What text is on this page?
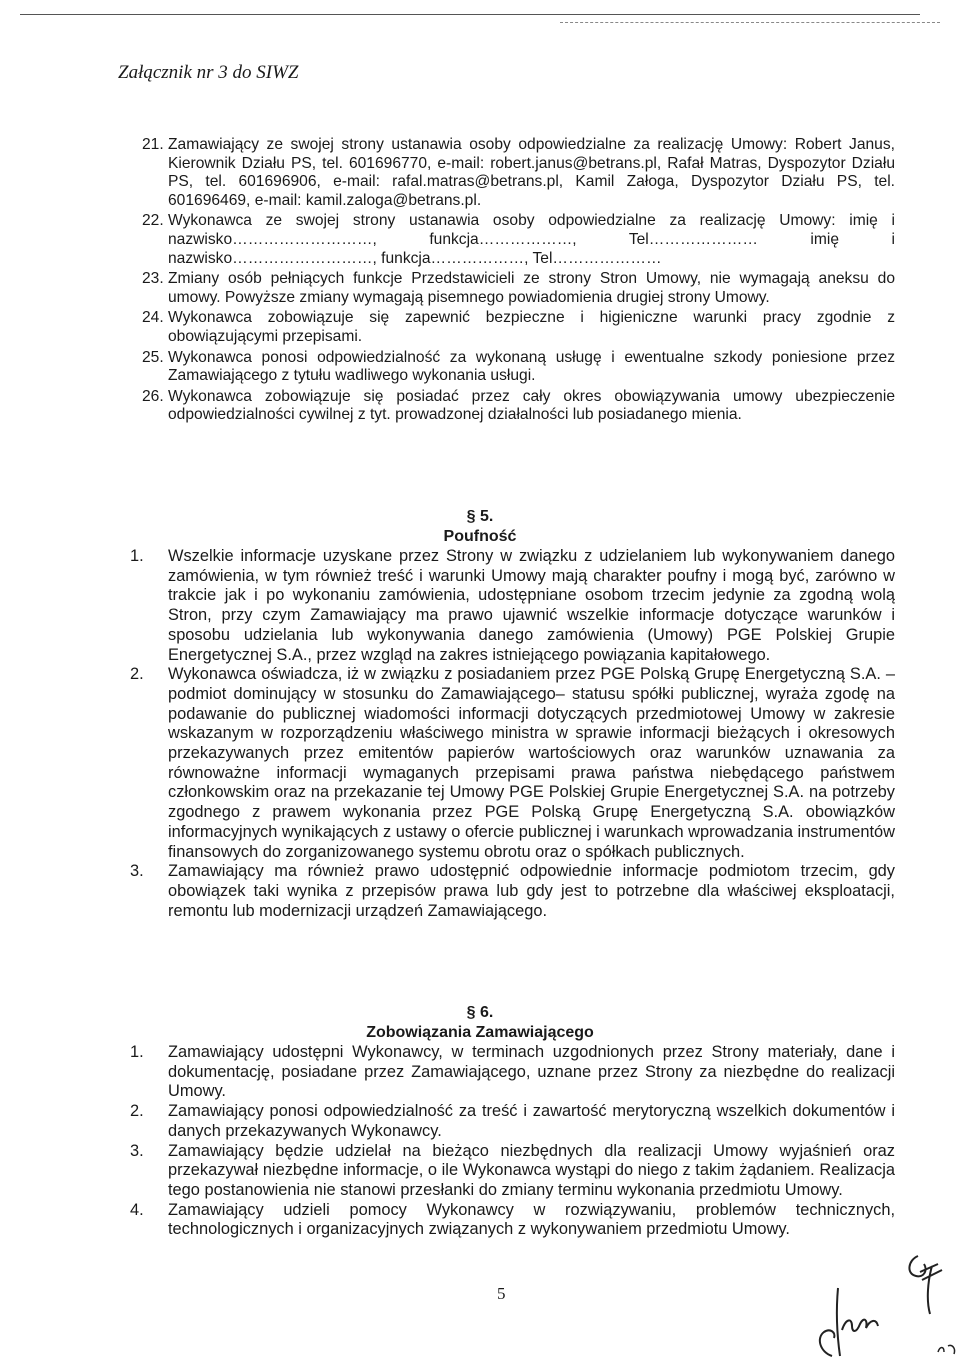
Załącznik nr 3 do SIWZ
21. Zamawiający ze swojej strony ustanawia osoby odpowiedzialne za realizację Umowy: Robert Janus, Kierownik Działu PS, tel. 601696770, e-mail: robert.janus@betrans.pl, Rafał Matras, Dyspozytor Działu PS, tel. 601696906, e-mail: rafal.matras@betrans.pl, Kamil Załoga, Dyspozytor Działu PS, tel. 601696469, e-mail: kamil.zaloga@betrans.pl.
22. Wykonawca ze swojej strony ustanawia osoby odpowiedzialne za realizację Umowy: imię i nazwisko………………………, funkcja………………, Tel………………… imię i nazwisko………………………, funkcja………………, Tel…………………
23. Zmiany osób pełniących funkcje Przedstawicieli ze strony Stron Umowy, nie wymagają aneksu do umowy. Powyższe zmiany wymagają pisemnego powiadomienia drugiej strony Umowy.
24. Wykonawca zobowiązuje się zapewnić bezpieczne i higieniczne warunki pracy zgodnie z obowiązującymi przepisami.
25. Wykonawca ponosi odpowiedzialność za wykonaną usługę i ewentualne szkody poniesione przez Zamawiającego z tytułu wadliwego wykonania usługi.
26. Wykonawca zobowiązuje się posiadać przez cały okres obowiązywania umowy ubezpieczenie odpowiedzialności cywilnej z tyt. prowadzonej działalności lub posiadanego mienia.
§ 5.
Poufność
1. Wszelkie informacje uzyskane przez Strony w związku z udzielaniem lub wykonywaniem danego zamówienia, w tym również treść i warunki Umowy mają charakter poufny i mogą być, zarówno w trakcie jak i po wykonaniu zamówienia, udostępniane osobom trzecim jedynie za zgodną wolą Stron, przy czym Zamawiający ma prawo ujawnić wszelkie informacje dotyczące warunków i sposobu udzielania lub wykonywania danego zamówienia (Umowy) PGE Polskiej Grupie Energetycznej S.A., przez wzgląd na zakres istniejącego powiązania kapitałowego.
2. Wykonawca oświadcza, iż w związku z posiadaniem przez PGE Polską Grupę Energetyczną S.A. – podmiot dominujący w stosunku do Zamawiającego– statusu spółki publicznej, wyraża zgodę na podawanie do publicznej wiadomości informacji dotyczących przedmiotowej Umowy w zakresie wskazanym w rozporządzeniu właściwego ministra w sprawie informacji bieżących i okresowych przekazywanych przez emitentów papierów wartościowych oraz warunków uznawania za równoważne informacji wymaganych przepisami prawa państwa niebędącego państwem członkowskim oraz na przekazanie tej Umowy PGE Polskiej Grupie Energetycznej S.A. na potrzeby zgodnego z prawem wykonania przez PGE Polską Grupę Energetyczną S.A. obowiązków informacyjnych wynikających z ustawy o ofercie publicznej i warunkach wprowadzania instrumentów finansowych do zorganizowanego systemu obrotu oraz o spółkach publicznych.
3. Zamawiający ma również prawo udostępnić odpowiednie informacje podmiotom trzecim, gdy obowiązek taki wynika z przepisów prawa lub gdy jest to potrzebne dla właściwej eksploatacji, remontu lub modernizacji urządzeń Zamawiającego.
§ 6.
Zobowiązania Zamawiającego
1. Zamawiający udostępni Wykonawcy, w terminach uzgodnionych przez Strony materiały, dane i dokumentację, posiadane przez Zamawiającego, uznane przez Strony za niezbędne do realizacji Umowy.
2. Zamawiający ponosi odpowiedzialność za treść i zawartość merytoryczną wszelkich dokumentów i danych przekazywanych Wykonawcy.
3. Zamawiający będzie udzielał na bieżąco niezbędnych dla realizacji Umowy wyjaśnień oraz przekazywał niezbędne informacje, o ile Wykonawca wystąpi do niego z takim żądaniem. Realizacja tego postanowienia nie stanowi przesłanki do zmiany terminu wykonania przedmiotu Umowy.
4. Zamawiający udzieli pomocy Wykonawcy w rozwiązywaniu, problemów technicznych, technologicznych i organizacyjnych związanych z wykonywaniem przedmiotu Umowy.
5
